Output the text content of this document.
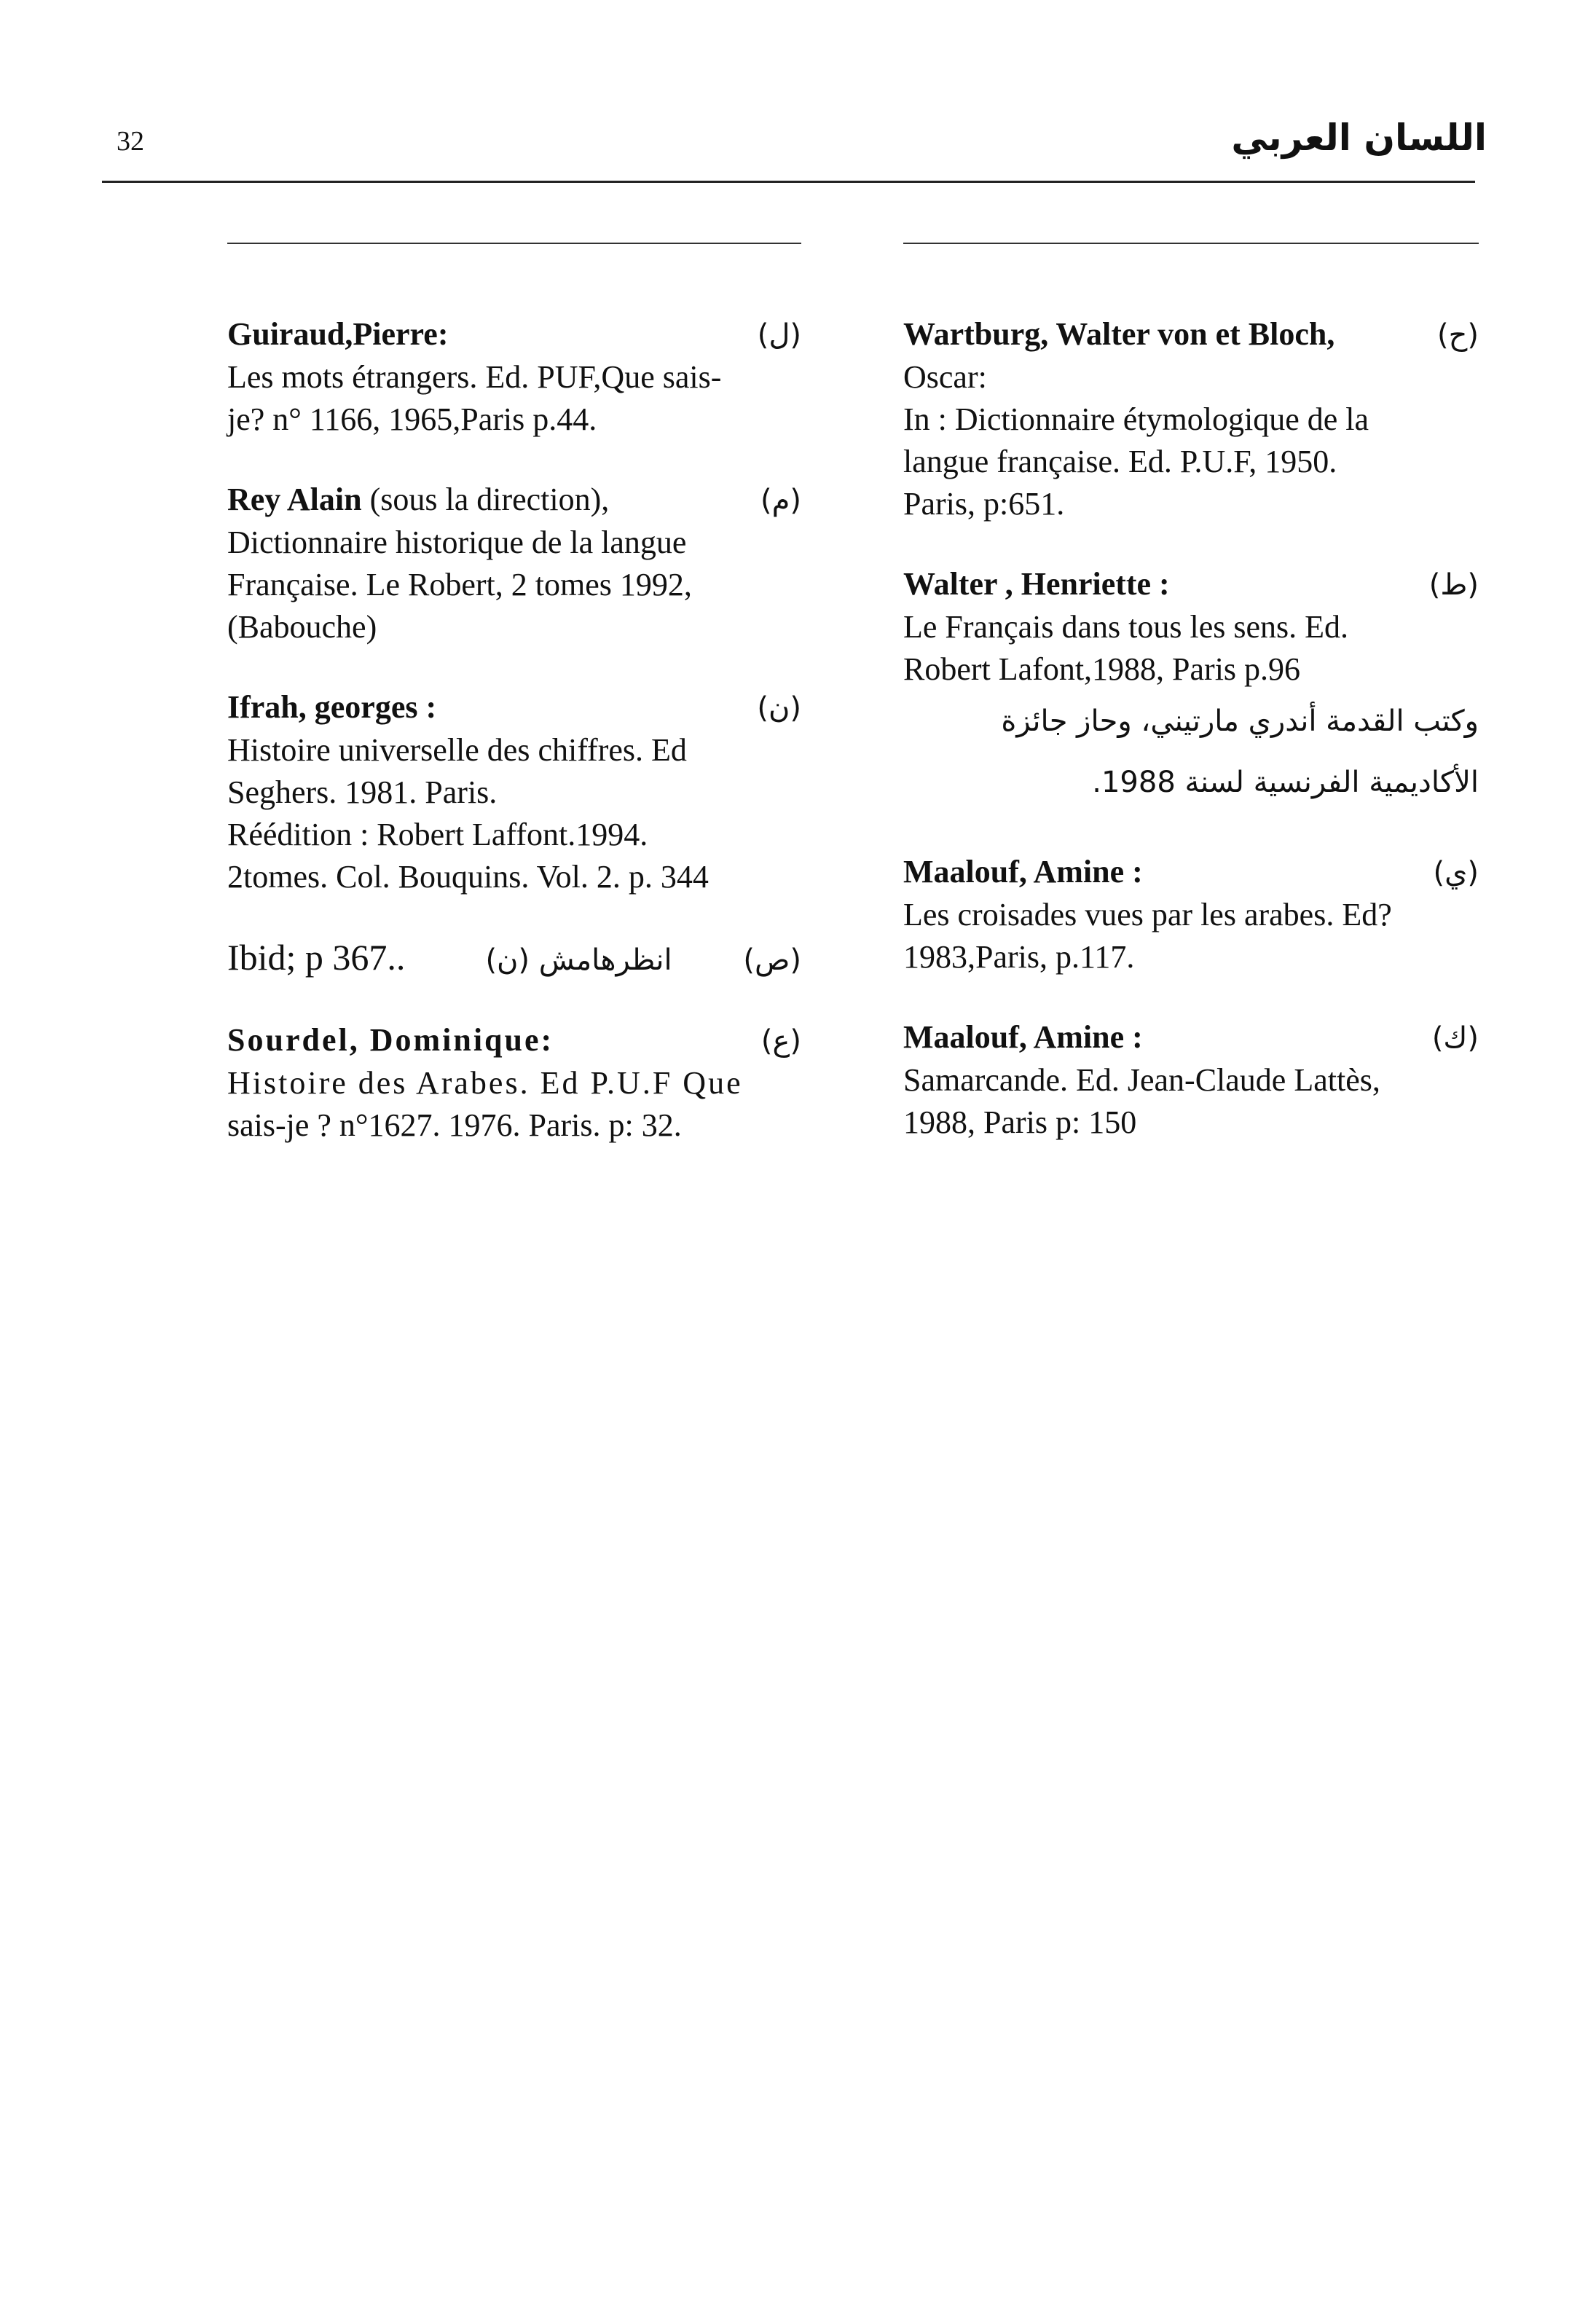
32	اللسان العربي
Guiraud,Pierre:	(ل)
Les mots étrangers. Ed. PUF,Que sais-
je? n° 1166, 1965,Paris p.44.
Rey Alain (sous la direction),	(م)
Dictionnaire historique de la langue
Française. Le Robert, 2 tomes 1992,
(Babouche)
Ifrah, georges :	(ن)
Histoire universelle des chiffres. Ed
Seghers. 1981. Paris.
Réédition : Robert Laffont.1994.
2tomes. Col. Bouquins. Vol. 2. p. 344
Ibid; p 367..	انظرهامش (ن) (ص)
Sourdel, Dominique:	(ع)
Histoire des Arabes. Ed P.U.F Que
sais-je ? n°1627. 1976. Paris. p: 32.
Wartburg, Walter von et Bloch,	(ح)
Oscar:
In : Dictionnaire étymologique de la
langue française. Ed. P.U.F, 1950.
Paris, p:651.
Walter , Henriette :	(ط)
Le Français dans tous les sens. Ed.
Robert Lafont,1988, Paris p.96
وكتب القدمة أندري مارتيني، وحاز جائزة
الأكاديمية الفرنسية لسنة 1988.
Maalouf, Amine :	(ي)
Les croisades vues par les arabes. Ed?
1983,Paris, p.117.
Maalouf, Amine :	(ك)
Samarcande. Ed. Jean-Claude Lattès,
1988, Paris p: 150
